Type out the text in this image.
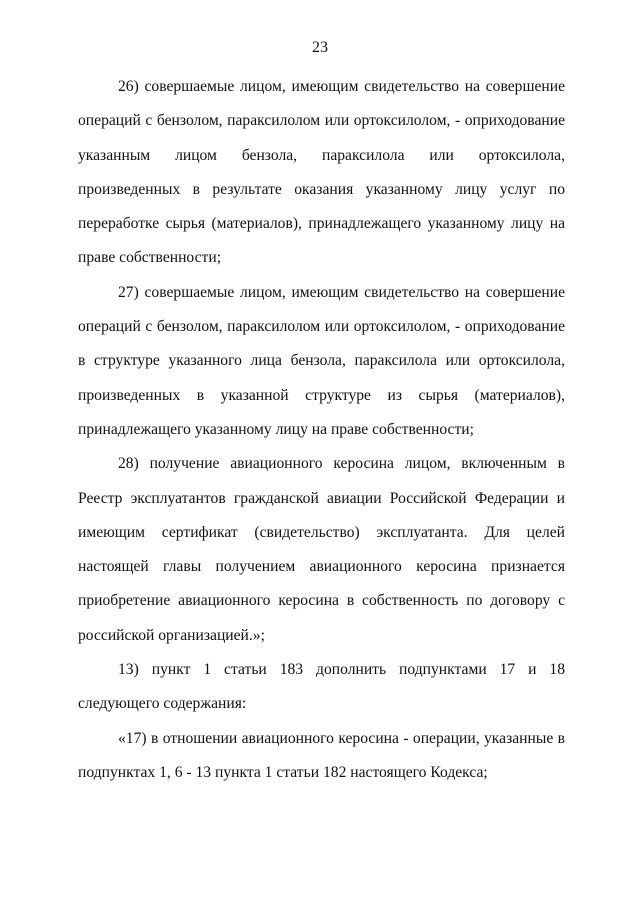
23

26) совершаемые лицом, имеющим свидетельство на совершение операций с бензолом, параксилолом или ортоксилолом, - оприходование указанным лицом бензола, параксилола или ортоксилола, произведенных в результате оказания указанному лицу услуг по переработке сырья (материалов), принадлежащего указанному лицу на праве собственности;

27) совершаемые лицом, имеющим свидетельство на совершение операций с бензолом, параксилолом или ортоксилолом, - оприходование в структуре указанного лица бензола, параксилола или ортоксилола, произведенных в указанной структуре из сырья (материалов), принадлежащего указанному лицу на праве собственности;

28) получение авиационного керосина лицом, включенным в Реестр эксплуатантов гражданской авиации Российской Федерации и имеющим сертификат (свидетельство) эксплуатанта. Для целей настоящей главы получением авиационного керосина признается приобретение авиационного керосина в собственность по договору с российской организацией.»;

13) пункт 1 статьи 183 дополнить подпунктами 17 и 18 следующего содержания:

«17) в отношении авиационного керосина - операции, указанные в подпунктах 1, 6 - 13 пункта 1 статьи 182 настоящего Кодекса;
